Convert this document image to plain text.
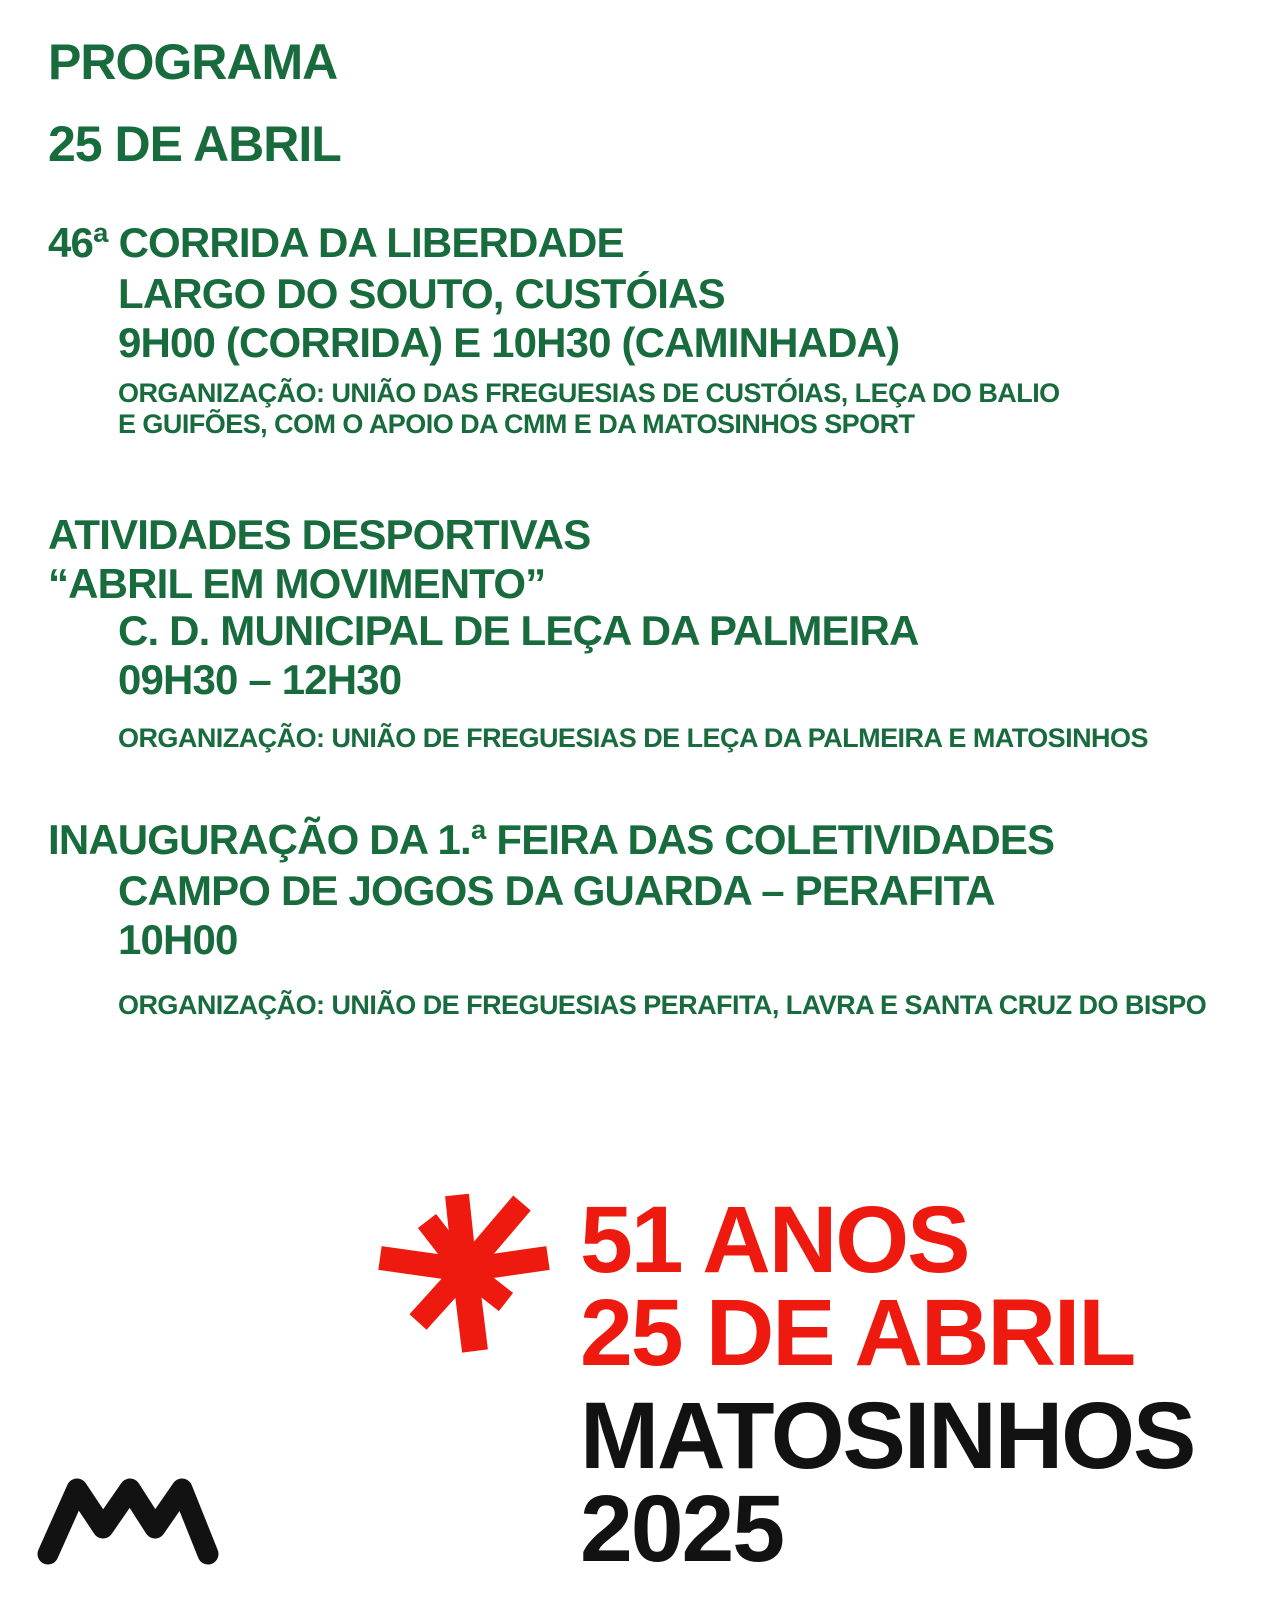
PROGRAMA
25 DE ABRIL
46ª CORRIDA DA LIBERDADE
LARGO DO SOUTO, CUSTÓIAS
9H00 (CORRIDA) E 10H30 (CAMINHADA)
ORGANIZAÇÃO: UNIÃO DAS FREGUESIAS DE CUSTÓIAS, LEÇA DO BALIO
E GUIFÕES, COM O APOIO DA CMM E DA MATOSINHOS SPORT
ATIVIDADES DESPORTIVAS
“ABRIL EM MOVIMENTO”
C. D. MUNICIPAL DE LEÇA DA PALMEIRA
09H30 – 12H30
ORGANIZAÇÃO: UNIÃO DE FREGUESIAS DE LEÇA DA PALMEIRA E MATOSINHOS
INAUGURAÇÃO DA 1.ª FEIRA DAS COLETIVIDADES
CAMPO DE JOGOS DA GUARDA – PERAFITA
10H00
ORGANIZAÇÃO: UNIÃO DE FREGUESIAS PERAFITA, LAVRA E SANTA CRUZ DO BISPO
51 ANOS
25 DE ABRIL
MATOSINHOS
2025
